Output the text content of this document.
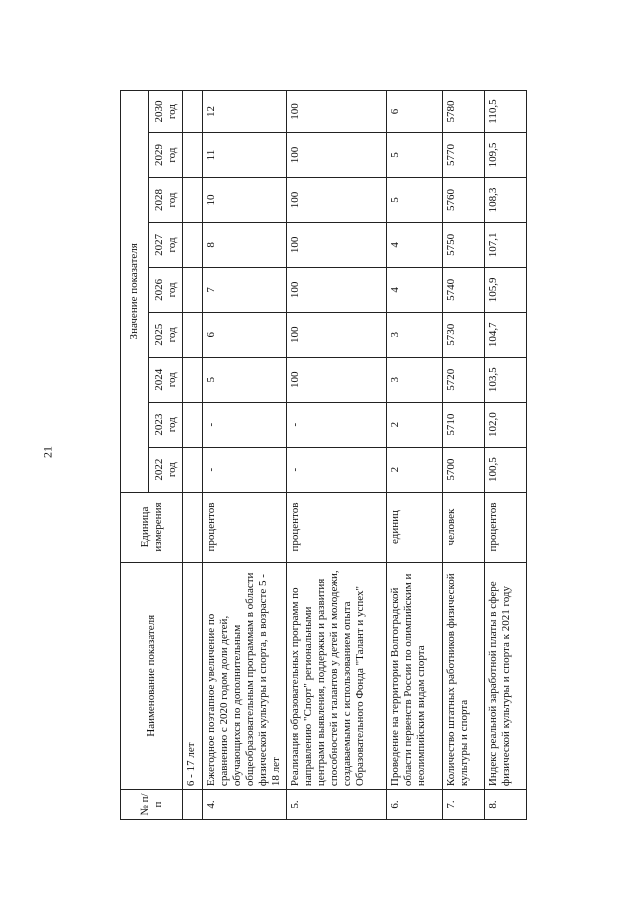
21
№ п/п	Наименование показателя	Единица измерения	Значение показателя								
			2022 год	2023 год	2024 год	2025 год	2026 год	2027 год	2028 год	2029 год	2030 год
	6 - 17 лет										
4.	Ежегодное поэтапное увеличение по сравнению с 2020 годом доли детей, обучающихся по дополнительным общеобразовательным программам в области физической культуры и спорта, в возрасте 5 - 18 лет	процентов	-	-	5	6	7	8	10	11	12
5.	Реализация образовательных программ по направлению "Спорт" региональными центрами выявления, поддержки и развития способностей и талантов у детей и молодежи, создаваемыми с использованием опыта Образовательного Фонда "Талант и успех"	процентов	-	-	100	100	100	100	100	100	100
6.	Проведение на территории Волгоградской области первенств России по олимпийским и неолимпийским видам спорта	единиц	2	2	3	3	4	4	5	5	6
7.	Количество штатных работников физической культуры и спорта	человек	5700	5710	5720	5730	5740	5750	5760	5770	5780
8.	Индекс реальной заработной платы в сфере физической культуры и спорта к 2021 году	процентов	100,5	102,0	103,5	104,7	105,9	107,1	108,3	109,5	110,5
